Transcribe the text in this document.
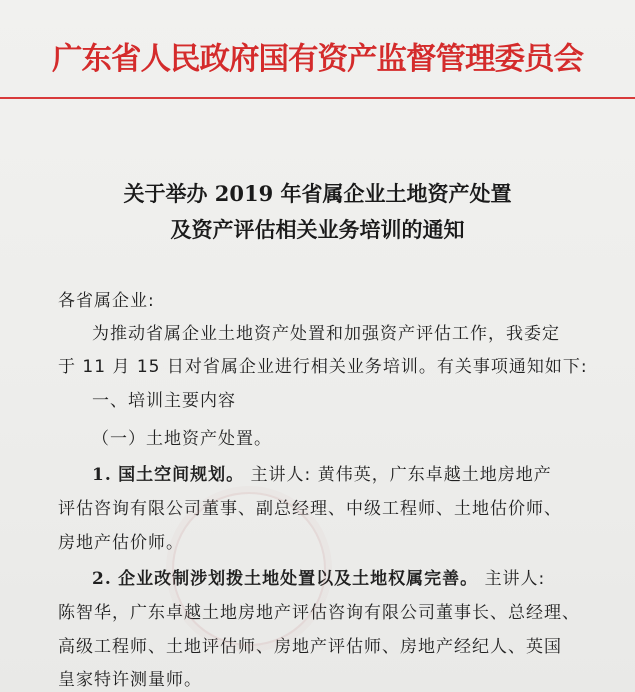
广东省人民政府国有资产监督管理委员会
关于举办 2019 年省属企业土地资产处置
及资产评估相关业务培训的通知
各省属企业:
为推动省属企业土地资产处置和加强资产评估工作，我委定
于 11 月 15 日对省属企业进行相关业务培训。有关事项通知如下:
一、培训主要内容
（一）土地资产处置。
1. 国土空间规划。 主讲人: 黄伟英，广东卓越土地房地产
评估咨询有限公司董事、副总经理、中级工程师、土地估价师、
房地产估价师。
2. 企业改制涉划拨土地处置以及土地权属完善。 主讲人:
陈智华，广东卓越土地房地产评估咨询有限公司董事长、总经理、
高级工程师、土地评估师、房地产评估师、房地产经纪人、英国
皇家特许测量师。
